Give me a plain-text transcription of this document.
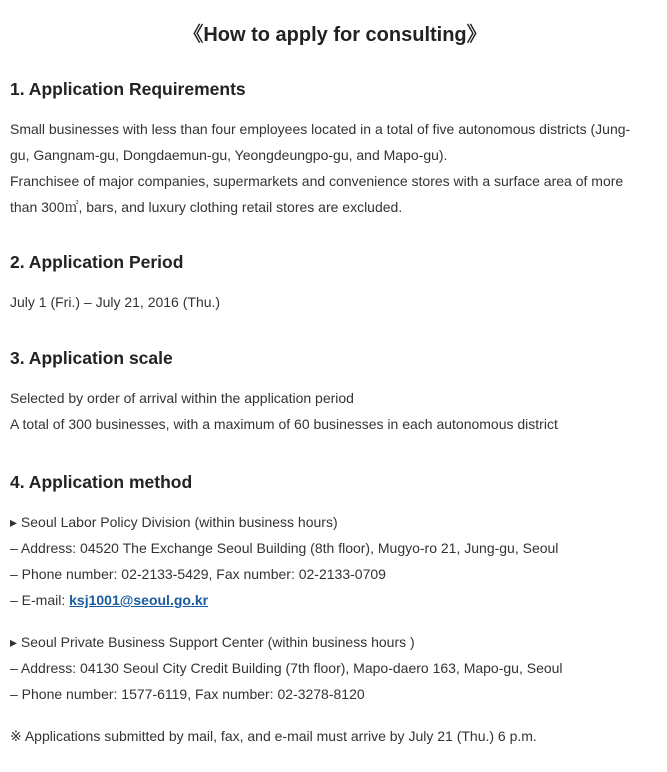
《How to apply for consulting》
1. Application Requirements

Small businesses with less than four employees located in a total of five autonomous districts (Jung-
gu, Gangnam-gu, Dongdaemun-gu, Yeongdeungpo-gu, and Mapo-gu).
Franchisee of major companies, supermarkets and convenience stores with a surface area of more
than 300㎡, bars, and luxury clothing retail stores are excluded.

2. Application Period

July 1 (Fri.) – July 21, 2016 (Thu.)

3. Application scale

Selected by order of arrival within the application period
A total of 300 businesses, with a maximum of 60 businesses in each autonomous district

4. Application method

▸ Seoul Labor Policy Division (within business hours)
– Address: 04520 The Exchange Seoul Building (8th floor), Mugyo-ro 21, Jung-gu, Seoul
– Phone number: 02-2133-5429, Fax number: 02-2133-0709
– E-mail: ksj1001@seoul.go.kr

▸ Seoul Private Business Support Center (within business hours )
– Address: 04130 Seoul City Credit Building (7th floor), Mapo-daero 163, Mapo-gu, Seoul
– Phone number: 1577-6119, Fax number: 02-3278-8120

※ Applications submitted by mail, fax, and e-mail must arrive by July 21 (Thu.) 6 p.m.
